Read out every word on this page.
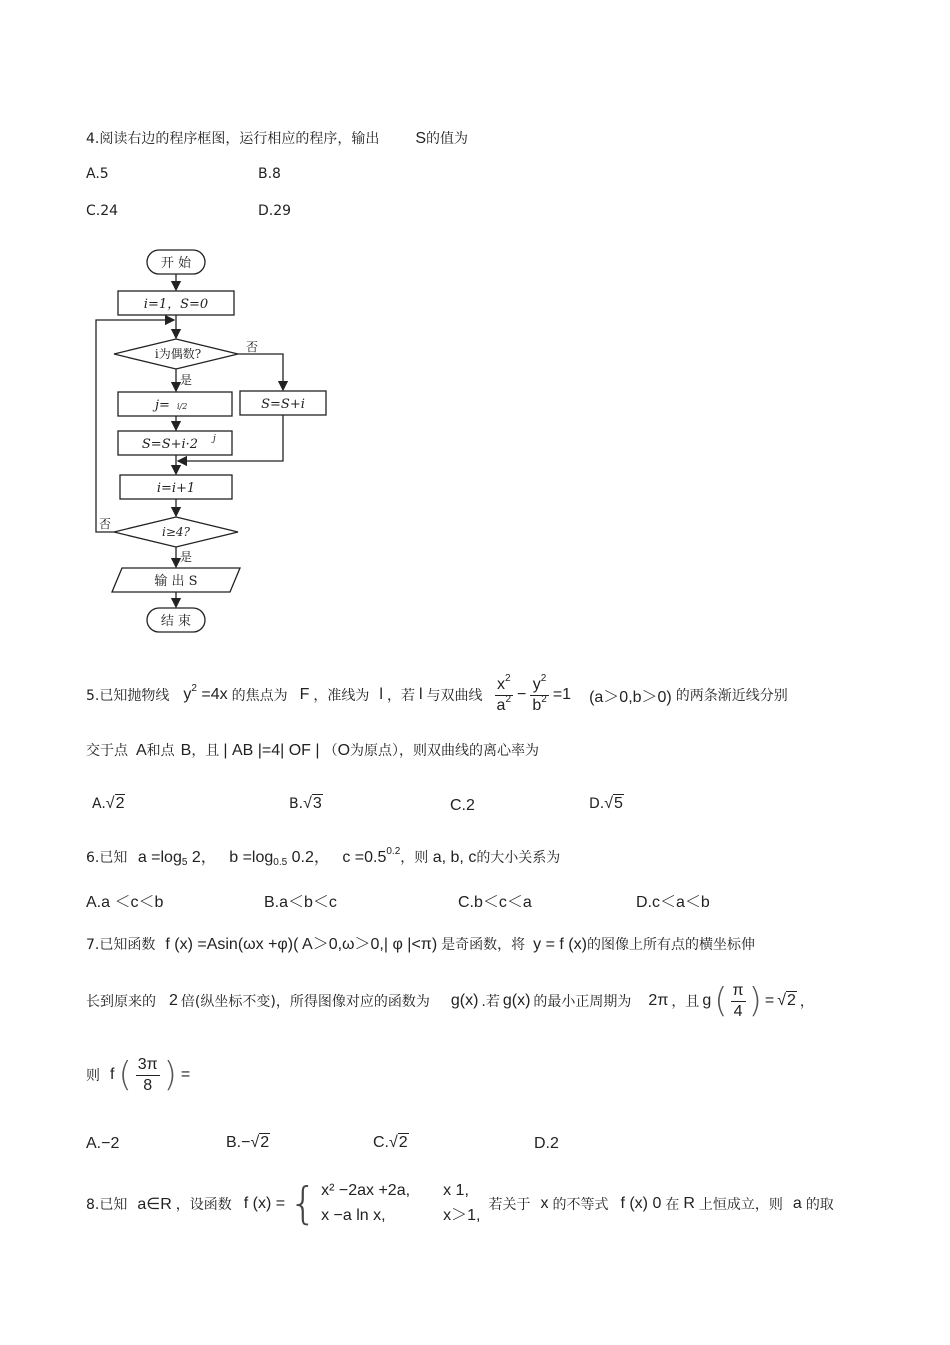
4.阅读右边的程序框图，运行相应的程序，输出 S的值为
A.5	B.8
C.24	D.29
开 始
i=1，S=0
i为偶数?	否
是
j= i/2	S=S+i
S=S+i·2 j
i=i+1
i≥4?
否
是
输 出 S
结 束
5.已知抛物线 $y^2 =4x$ 的焦点为 F ，准线为 l ，若 l 与双曲线 $\frac{x^2}{a^2} - \frac{y^2}{b^2} =1$ (a＞0,b＞0) 的两条渐近线分别
交于点 A和点 B，且 | AB |=4| OF | （O为原点），则双曲线的离心率为
A.√2	B.√3	C.2	D.√5
6.已知 a =log5 2， b =log0.5 0.2， $c =0.5^{0.2}$，则 a, b, c的大小关系为
A.a ＜c＜b	B.a＜b＜c	C.b＜c＜a	D.c＜a＜b
7.已知函数 f (x) =Asin(ωx +φ)( A＞0,ω＞0,| φ |<π) 是奇函数，将 y = f (x)的图像上所有点的横坐标伸
长到原来的 2 倍(纵坐标不变)，所得图像对应的函数为 g(x) .若 g(x) 的最小正周期为 2π ，且 g ( $\frac{\pi}{4}$ ) = √2 ，
则 f ( $\frac{3\pi}{8}$ ) =
A.−2	B.−√2	C.√2	D.2
8.已知 a∈R ，设函数 f (x) = { x² −2ax +2a, x 1,
x −a ln x,	x＞1,
若关于 x 的不等式 f (x) 0 在 R 上恒成立，则 a 的取
